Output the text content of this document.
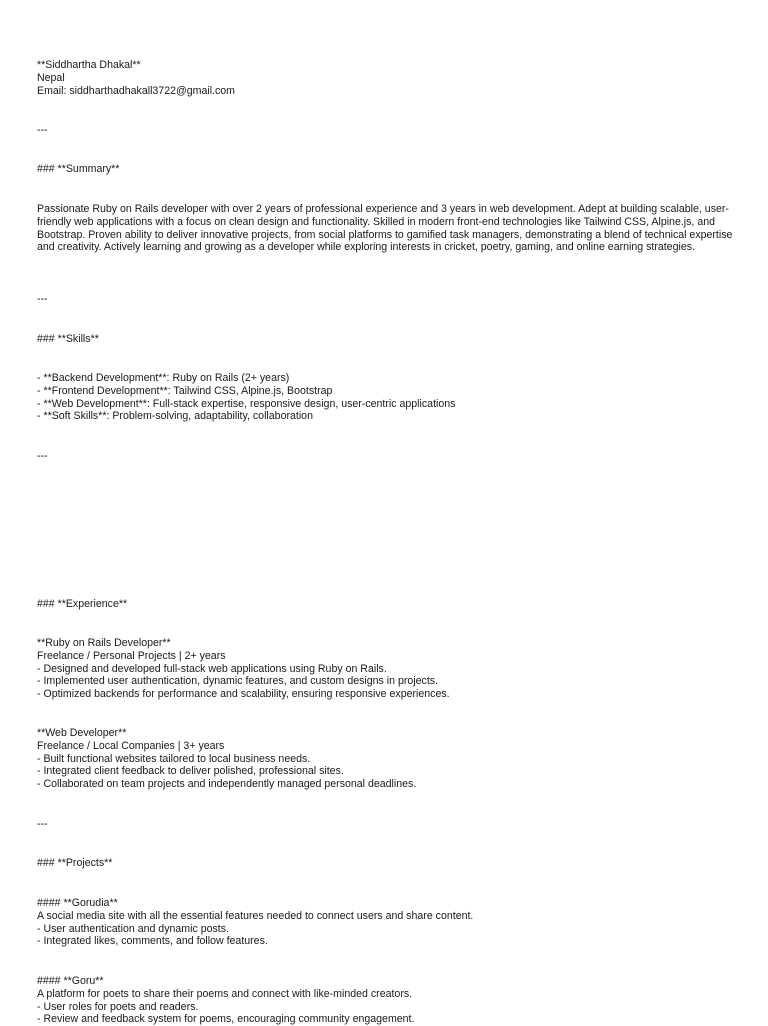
**Siddhartha Dhakal**
Nepal
Email: siddharthadhakall3722@gmail.com
---
### **Summary**
Passionate Ruby on Rails developer with over 2 years of professional experience and 3 years in web development. Adept at building scalable, user-friendly web applications with a focus on clean design and functionality. Skilled in modern front-end technologies like Tailwind CSS, Alpine.js, and Bootstrap. Proven ability to deliver innovative projects, from social platforms to gamified task managers, demonstrating a blend of technical expertise and creativity. Actively learning and growing as a developer while exploring interests in cricket, poetry, gaming, and online earning strategies.
---
### **Skills**
- **Backend Development**: Ruby on Rails (2+ years)
- **Frontend Development**: Tailwind CSS, Alpine.js, Bootstrap
- **Web Development**: Full-stack expertise, responsive design, user-centric applications
- **Soft Skills**: Problem-solving, adaptability, collaboration
---
### **Experience**
**Ruby on Rails Developer**
Freelance / Personal Projects | 2+ years
- Designed and developed full-stack web applications using Ruby on Rails.
- Implemented user authentication, dynamic features, and custom designs in projects.
- Optimized backends for performance and scalability, ensuring responsive experiences.
**Web Developer**
Freelance / Local Companies | 3+ years
- Built functional websites tailored to local business needs.
- Integrated client feedback to deliver polished, professional sites.
- Collaborated on team projects and independently managed personal deadlines.
---
### **Projects**
#### **Gorudia**
A social media site with all the essential features needed to connect users and share content.
- User authentication and dynamic posts.
- Integrated likes, comments, and follow features.
#### **Goru**
A platform for poets to share their poems and connect with like-minded creators.
- User roles for poets and readers.
- Review and feedback system for poems, encouraging community engagement.
